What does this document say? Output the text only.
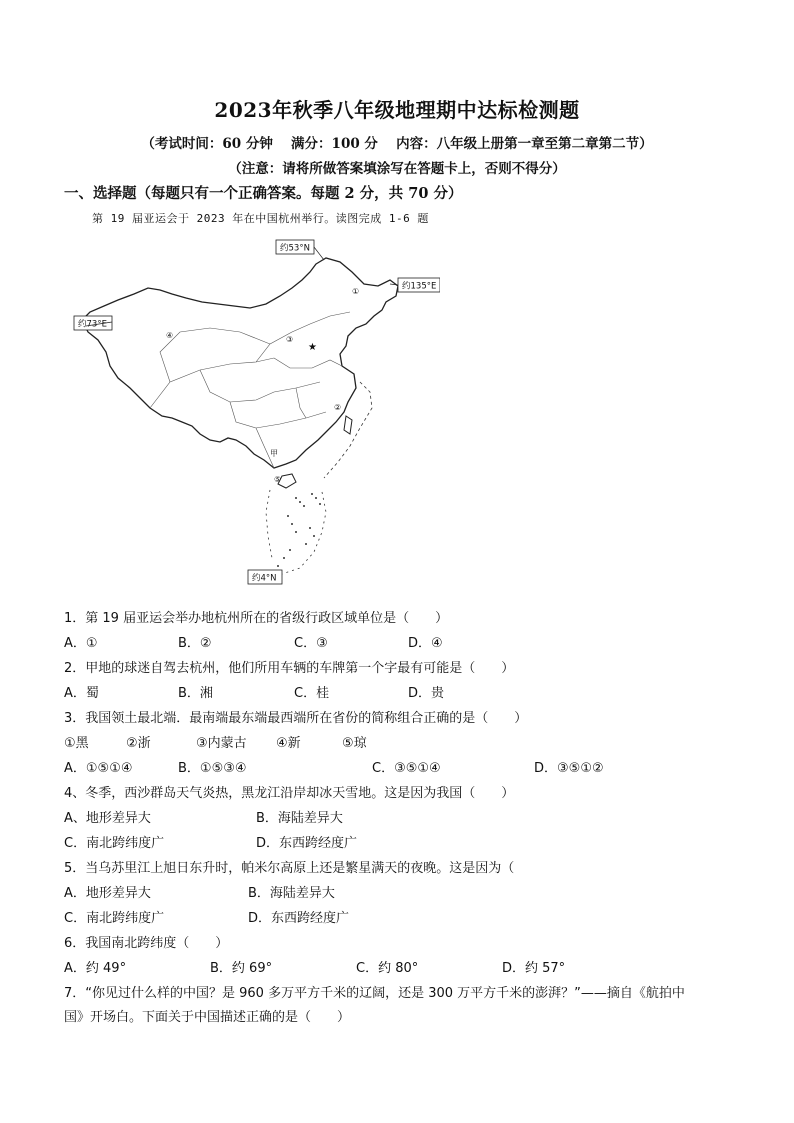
2023年秋季八年级地理期中达标检测题
（考试时间：60 分钟　 满分：100 分　 内容：八年级上册第一章至第二章第二节）
（注意：请将所做答案填涂写在答题卡上，否则不得分）
一、选择题（每题只有一个正确答案。每题 2 分，共 70 分）
第 19 届亚运会于 2023 年在中国杭州举行。读图完成 1-6 题
约53°N
约135°E
约73°E
约4°N
①
②
③
④
⑤
甲
★
1．第 19 届亚运会举办地杭州所在的省级行政区域单位是（　　）
A．①	B．②	C．③	D．④
2．甲地的球迷自驾去杭州，他们所用车辆的车牌第一个字最有可能是（　　）
A．蜀	B．湘	C．桂	D．贵
3．我国领土最北端．最南端最东端最西端所在省份的简称组合正确的是（　　）
①黑	②浙	③内蒙古 ④新	⑤琼
A．①⑤①④	B．①⑤③④	C．③⑤①④	D．③⑤①②
4、冬季，西沙群岛天气炎热，黑龙江沿岸却冰天雪地。这是因为我国（　　）
A、地形差异大	B．海陆差异大
C．南北跨纬度广	D．东西跨经度广
5．当乌苏里江上旭日东升时，帕米尔高原上还是繁星满天的夜晚。这是因为（
A．地形差异大	B．海陆差异大
C．南北跨纬度广	D．东西跨经度广
6．我国南北跨纬度（　　）
A．约 49°	B．约 69°	C．约 80°	D．约 57°
7．“你见过什么样的中国？是 960 多万平方千米的辽阔，还是 300 万平方千米的澎湃？”——摘自《航拍中
国》开场白。下面关于中国描述正确的是（　　）
